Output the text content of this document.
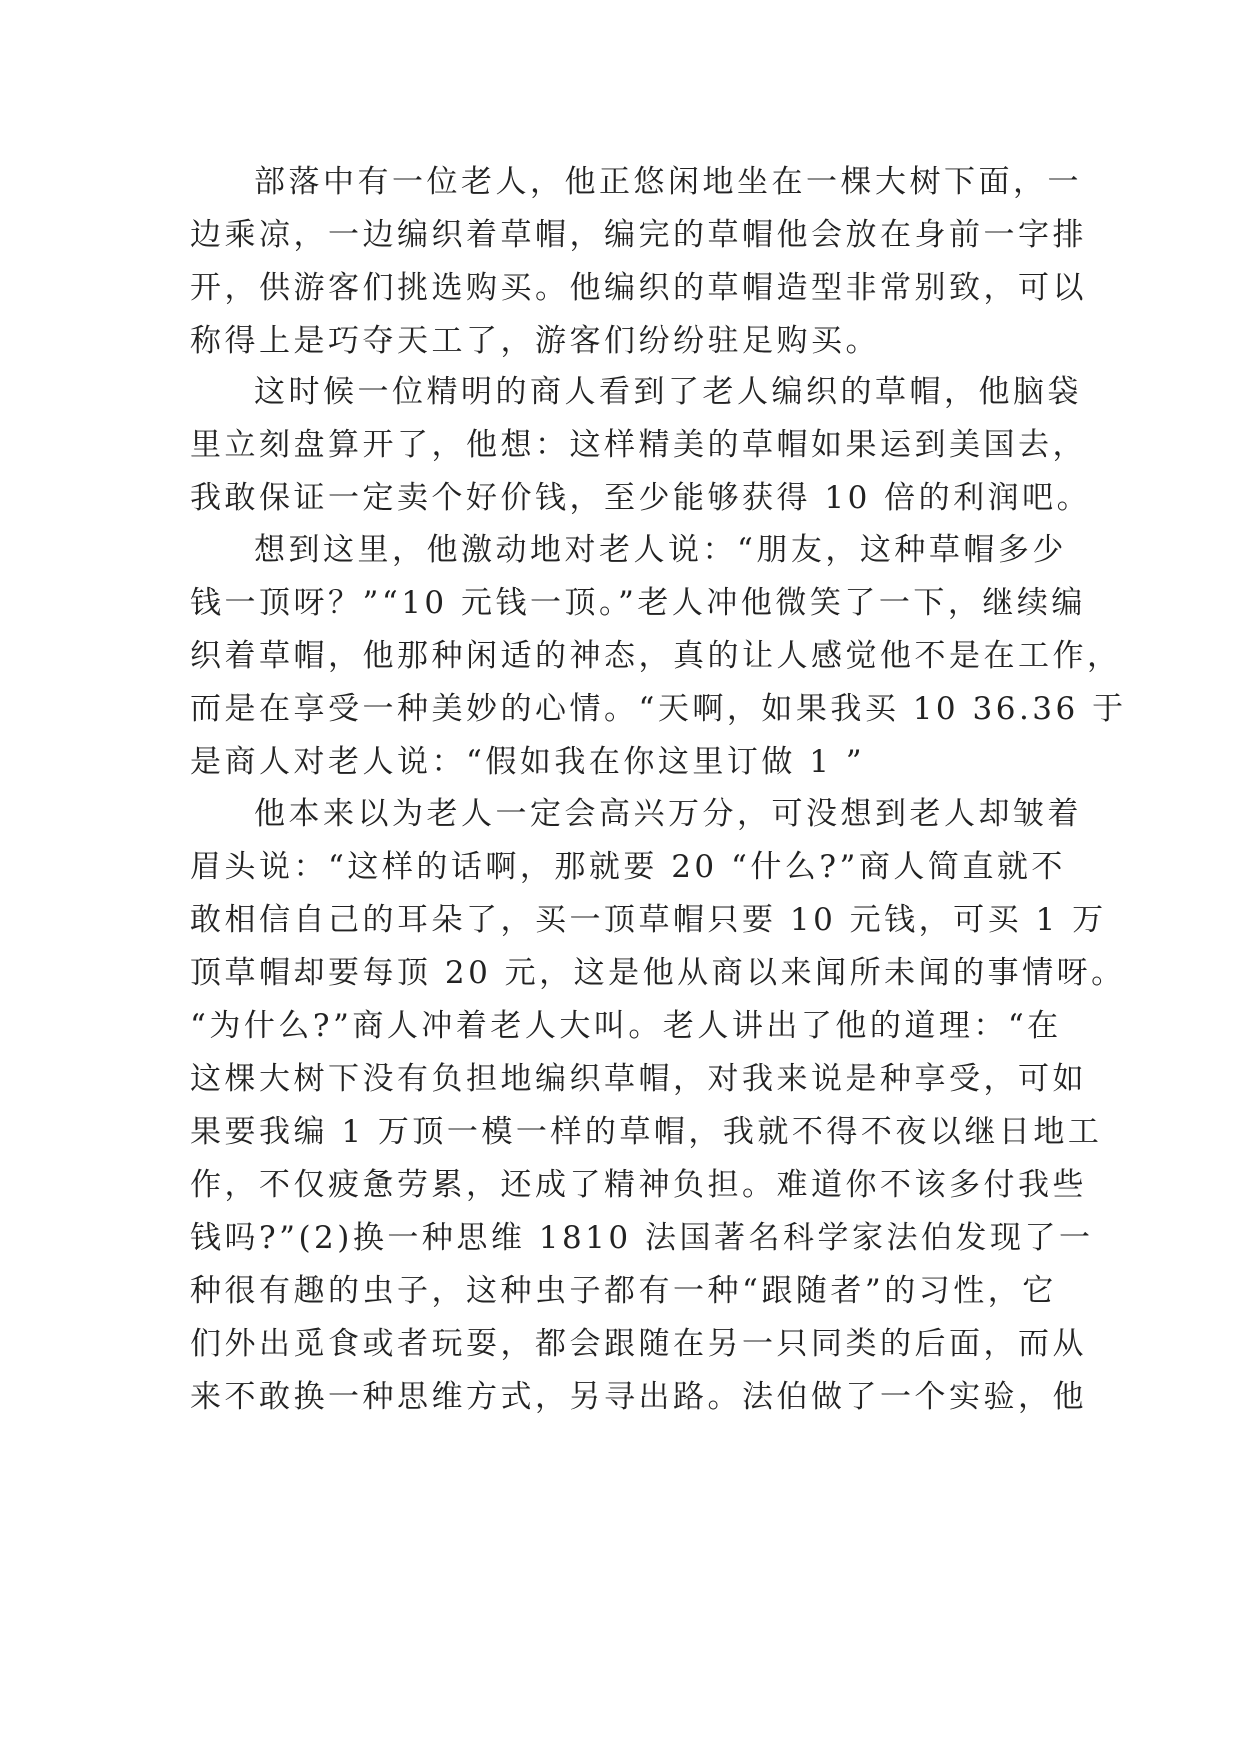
部落中有一位老人，他正悠闲地坐在一棵大树下面，一
边乘凉，一边编织着草帽，编完的草帽他会放在身前一字排
开，供游客们挑选购买。他编织的草帽造型非常别致，可以
称得上是巧夺天工了，游客们纷纷驻足购买。
这时候一位精明的商人看到了老人编织的草帽，他脑袋
里立刻盘算开了，他想：这样精美的草帽如果运到美国去，
我敢保证一定卖个好价钱，至少能够获得 10 倍的利润吧。
想到这里，他激动地对老人说：“朋友，这种草帽多少
钱一顶呀？”“10 元钱一顶。”老人冲他微笑了一下，继续编
织着草帽，他那种闲适的神态，真的让人感觉他不是在工作，
而是在享受一种美妙的心情。“天啊，如果我买 10 36.36 于
是商人对老人说：“假如我在你这里订做 1 ”
他本来以为老人一定会高兴万分，可没想到老人却皱着
眉头说：“这样的话啊，那就要 20 “什么?”商人简直就不
敢相信自己的耳朵了，买一顶草帽只要 10 元钱，可买 1 万
顶草帽却要每顶 20 元，这是他从商以来闻所未闻的事情呀。
“为什么?”商人冲着老人大叫。老人讲出了他的道理：“在
这棵大树下没有负担地编织草帽，对我来说是种享受，可如
果要我编 1 万顶一模一样的草帽，我就不得不夜以继日地工
作，不仅疲惫劳累，还成了精神负担。难道你不该多付我些
钱吗?”(2)换一种思维 1810 法国著名科学家法伯发现了一
种很有趣的虫子，这种虫子都有一种“跟随者”的习性，它
们外出觅食或者玩耍，都会跟随在另一只同类的后面，而从
来不敢换一种思维方式，另寻出路。法伯做了一个实验，他
